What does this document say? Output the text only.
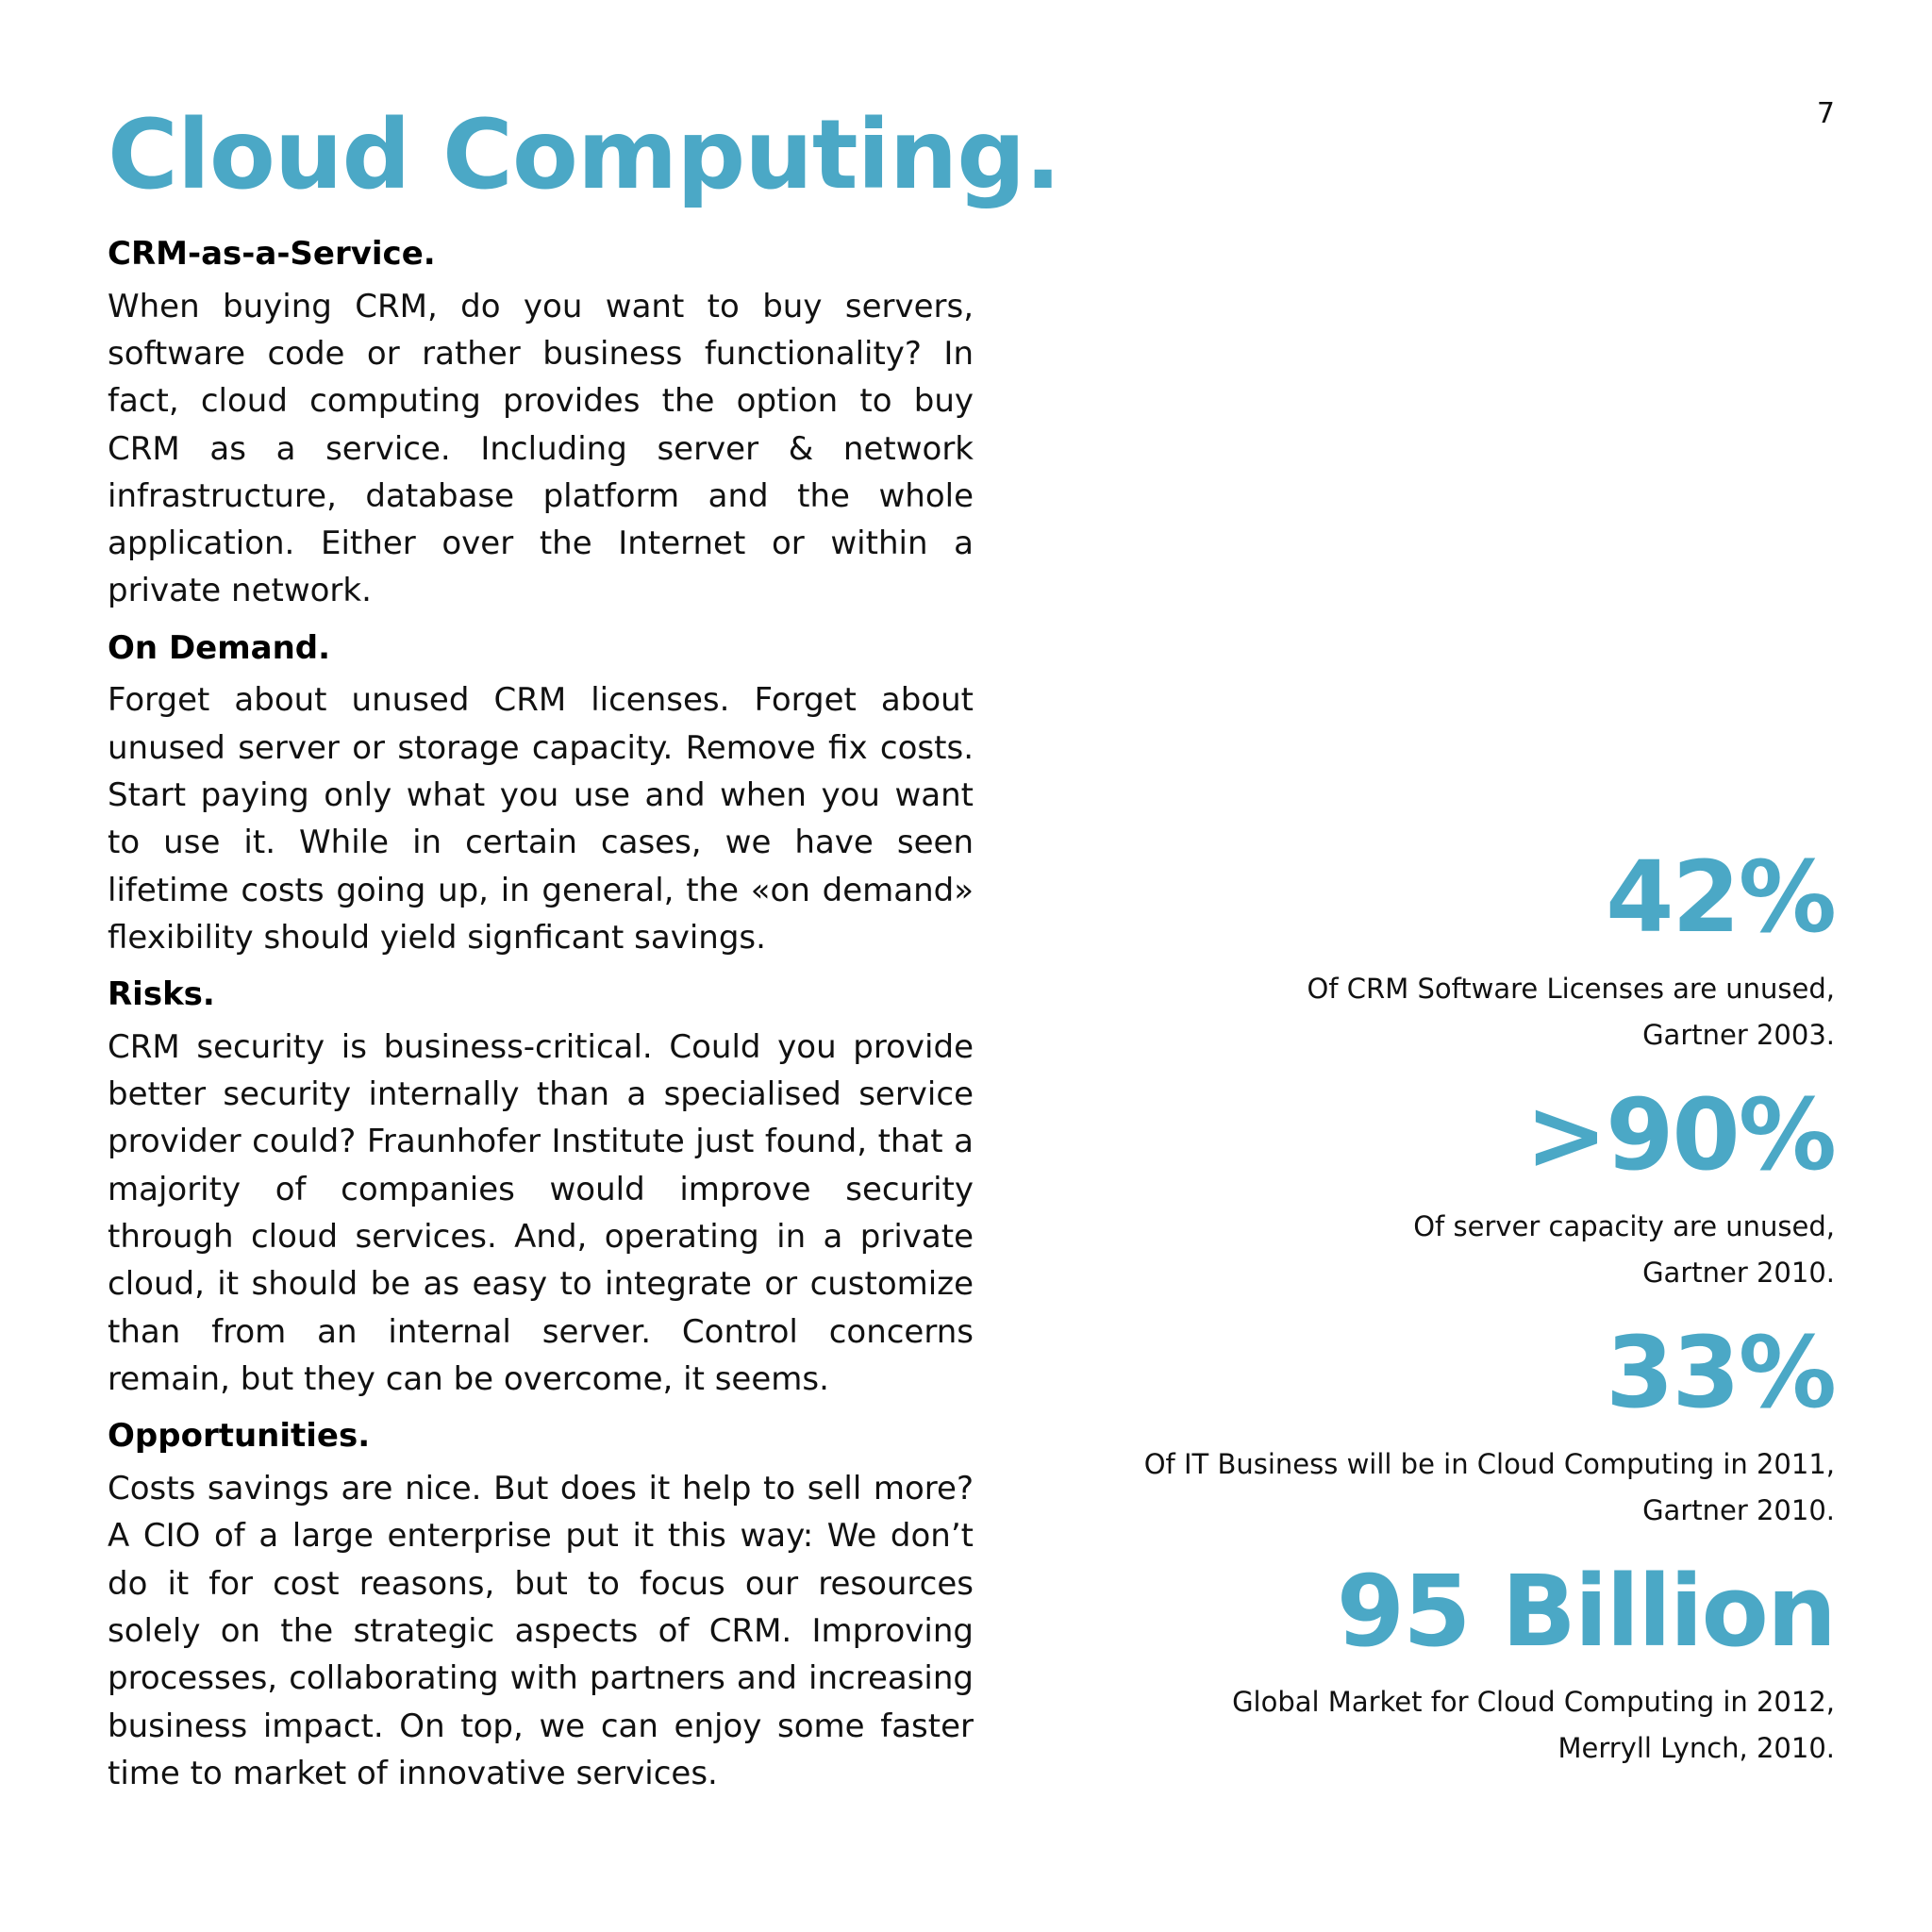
7
Cloud Computing.
CRM-as-a-Service.

When buying CRM, do you want to buy servers, software code or rather business functionality? In fact, cloud computing provides the option to buy CRM as a service. Including server & network infrastructure, database platform and the whole application. Either over the Internet or within a private network.

On Demand.

Forget about unused CRM licenses. Forget about unused server or storage capacity. Remove fix costs. Start paying only what you use and when you want to use it. While in certain cases, we have seen lifetime costs going up, in general, the «on demand» flexibility should yield signficant savings.

Risks.

CRM security is business-critical. Could you provide better security internally than a specialised service provider could? Fraunhofer Institute just found, that a majority of companies would improve security through cloud services. And, operating in a private cloud, it should be as easy to integrate or customize than from an internal server. Control concerns remain, but they can be overcome, it seems.

Opportunities.

Costs savings are nice. But does it help to sell more? A CIO of a large enterprise put it this way: We don’t do it for cost reasons, but to focus our resources solely on the strategic aspects of CRM. Improving processes, collaborating with partners and increasing business impact. On top, we can enjoy some faster time to market of innovative services.

42%
Of CRM Software Licenses are unused,
Gartner 2003.
>90%
Of server capacity are unused,
Gartner 2010.
33%
Of IT Business will be in Cloud Computing in 2011,
Gartner 2010.
95 Billion
Global Market for Cloud Computing in 2012,
Merryll Lynch, 2010.
